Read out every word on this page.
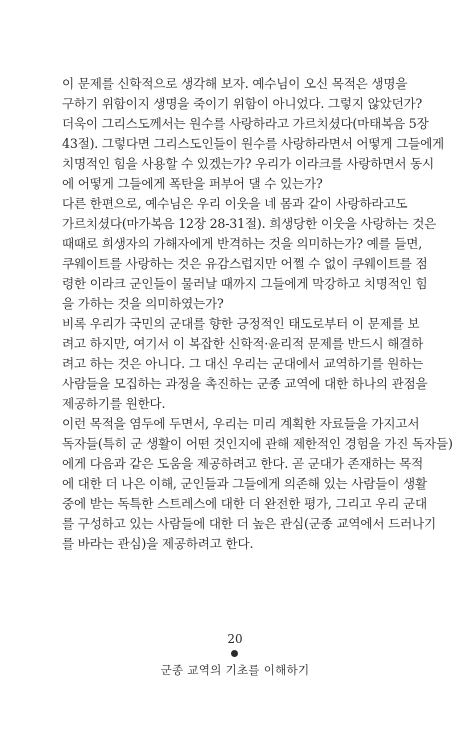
이 문제를 신학적으로 생각해 보자. 예수님이 오신 목적은 생명을
구하기 위함이지 생명을 죽이기 위함이 아니었다. 그렇지 않았던가?
더욱이 그리스도께서는 원수를 사랑하라고 가르치셨다(마태복음 5장
43절). 그렇다면 그리스도인들이 원수를 사랑하라면서 어떻게 그들에게
치명적인 힘을 사용할 수 있겠는가? 우리가 이라크를 사랑하면서 동시
에 어떻게 그들에게 폭탄을 퍼부어 댈 수 있는가?
다른 한편으로, 예수님은 우리 이웃을 네 몸과 같이 사랑하라고도
가르치셨다(마가복음 12장 28-31절). 희생당한 이웃을 사랑하는 것은
때때로 희생자의 가해자에게 반격하는 것을 의미하는가? 예를 들면,
쿠웨이트를 사랑하는 것은 유감스럽지만 어쩔 수 없이 쿠웨이트를 점
령한 이라크 군인들이 물러날 때까지 그들에게 막강하고 치명적인 힘
을 가하는 것을 의미하였는가?
비록 우리가 국민의 군대를 향한 긍정적인 태도로부터 이 문제를 보
려고 하지만, 여기서 이 복잡한 신학적·윤리적 문제를 반드시 해결하
려고 하는 것은 아니다. 그 대신 우리는 군대에서 교역하기를 원하는
사람들을 모집하는 과정을 촉진하는 군종 교역에 대한 하나의 관점을
제공하기를 원한다.
이런 목적을 염두에 두면서, 우리는 미리 계획한 자료들을 가지고서
독자들(특히 군 생활이 어떤 것인지에 관해 제한적인 경험을 가진 독자들)
에게 다음과 같은 도움을 제공하려고 한다. 곧 군대가 존재하는 목적
에 대한 더 나은 이해, 군인들과 그들에게 의존해 있는 사람들이 생활
중에 받는 독특한 스트레스에 대한 더 완전한 평가, 그리고 우리 군대
를 구성하고 있는 사람들에 대한 더 높은 관심(군종 교역에서 드러나기
를 바라는 관심)을 제공하려고 한다.
20
군종 교역의 기초를 이해하기
